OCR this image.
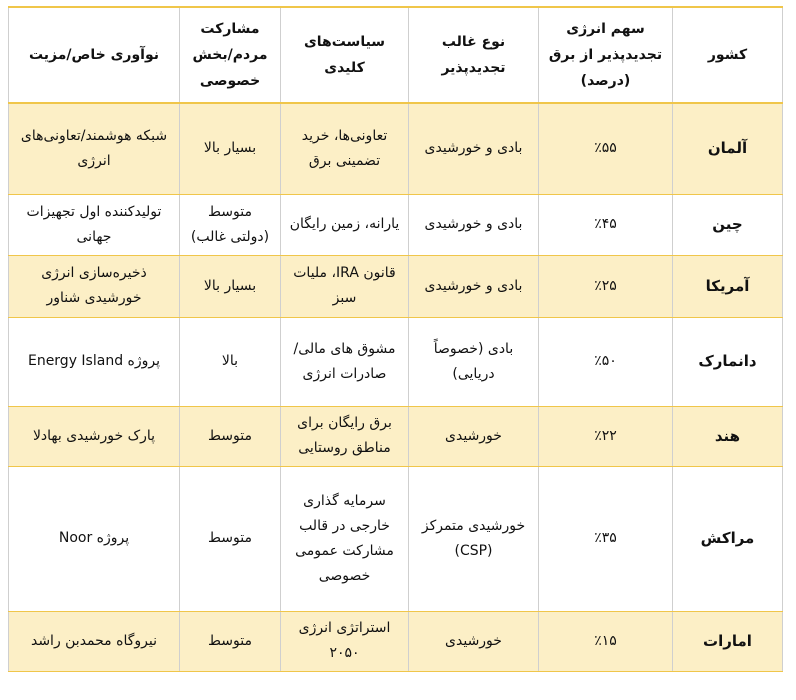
کشور	سهم انرژی تجدیدپذیر از برق (درصد)	نوع غالب تجدیدپذیر	سیاست‌های کلیدی	مشارکت مردم/بخش خصوصی	نوآوری خاص/مزیت
آلمان	٪۵۵	بادی و خورشیدی	تعاونی‌ها، خرید تضمینی برق	بسیار بالا	شبکه هوشمند/تعاونی‌های انرژی
چین	٪۴۵	بادی و خورشیدی	یارانه، زمین رایگان	متوسط (دولتی غالب)	تولیدکننده اول تجهیزات جهانی
آمریکا	٪۲۵	بادی و خورشیدی	قانون IRA، ملیات سبز	بسیار بالا	ذخیره‌سازی انرژی خورشیدی شناور
دانمارک	٪۵۰	بادی (خصوصاً دریایی)	مشوق های مالی/صادرات انرژی	بالا	پروژه Energy Island
هند	٪۲۲	خورشیدی	برق رایگان برای مناطق روستایی	متوسط	پارک خورشیدی بهادلا
مراکش	٪۳۵	خورشیدی متمرکز (CSP)	سرمایه گذاری خارجی در قالب مشارکت عمومی خصوصی	متوسط	پروژه Noor
امارات	٪۱۵	خورشیدی	استراتژی انرژی ۲۰۵۰	متوسط	نیروگاه محمدبن راشد
